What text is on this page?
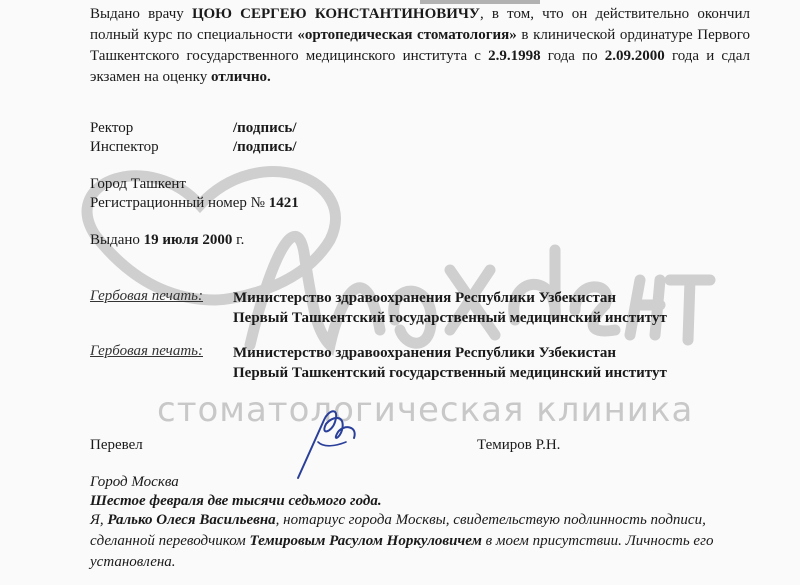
стоматологическая клиника

Выдано врачу ЦОЮ СЕРГЕЮ КОНСТАНТИНОВИЧУ, в том, что он действительно окончил полный курс по специальности «ортопедическая стоматология» в клинической ординатуре Первого Ташкентского государственного медицинского института с 2.9.1998 года по 2.09.2000 года и сдал экзамен на оценку отлично.

Ректор	/подпись/
Инспектор	/подпись/
Город Ташкент
Регистрационный номер № 1421
Выдано 19 июля 2000 г.
Гербовая печать: Министерство здравоохранения Республики Узбекистан
Первый Ташкентский государственный медицинский институт
Гербовая печать: Министерство здравоохранения Республики Узбекистан
Первый Ташкентский государственный медицинский институт
Перевел	Темиров Р.Н.
Город Москва
Шестое февраля две тысячи седьмого года.
Я, Ралько Олеся Васильевна, нотариус города Москвы, свидетельствую подлинность подписи, сделанной переводчиком Темировым Расулом Норкуловичем в моем присутствии. Личность его установлена.
